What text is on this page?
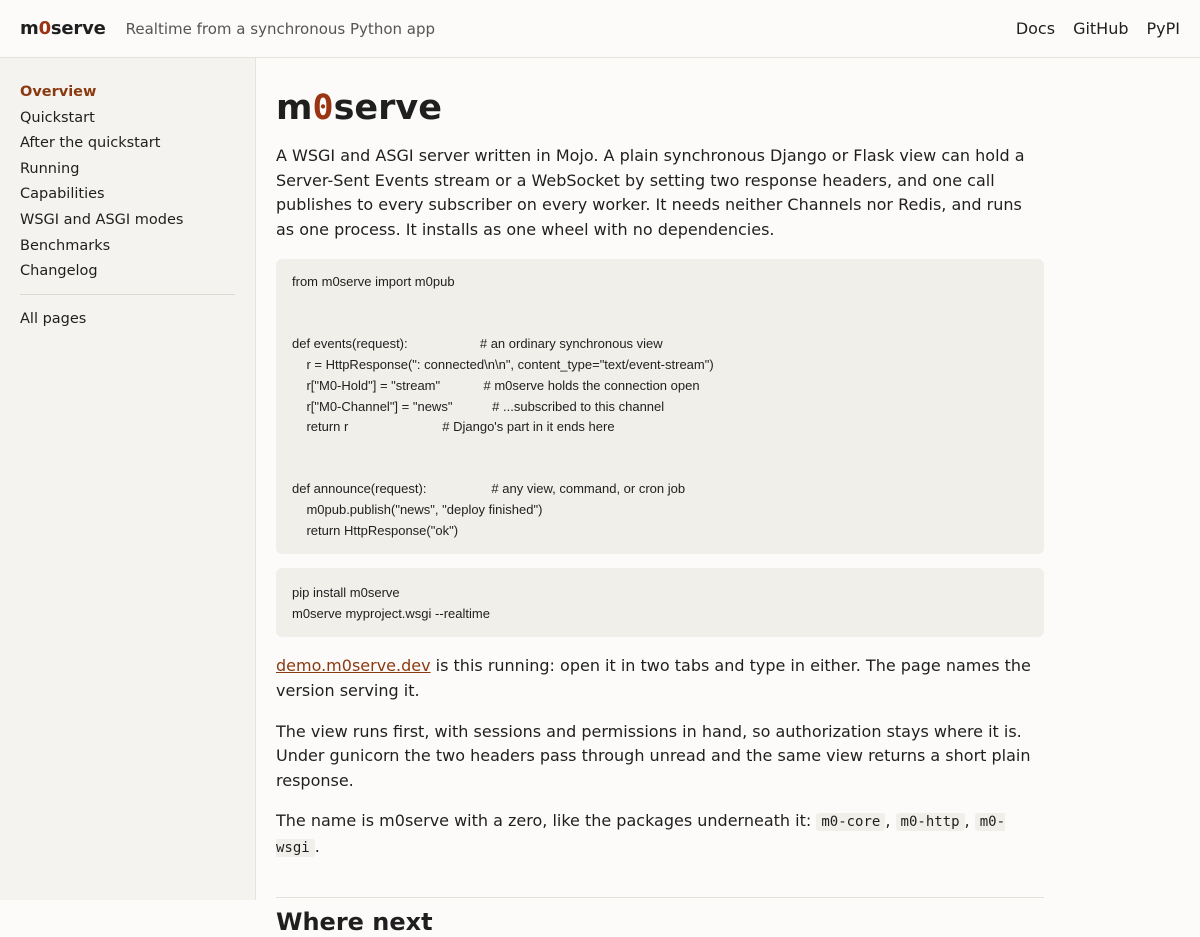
m0serve Realtime from a synchronous Python app	Docs GitHub PyPI
Overview
Quickstart
After the quickstart
Running
Capabilities
WSGI and ASGI modes
Benchmarks
Changelog
All pages
m0serve

A WSGI and ASGI server written in Mojo. A plain synchronous Django or Flask view can hold a Server-Sent Events stream or a WebSocket by setting two response headers, and one call publishes to every subscriber on every worker. It needs neither Channels nor Redis, and runs as one process. It installs as one wheel with no dependencies.

from m0serve import m0pub

def events(request):                    # an ordinary synchronous view
r = HttpResponse(": connected\n\n", content_type="text/event-stream")
r["M0-Hold"] = "stream"            # m0serve holds the connection open
r["M0-Channel"] = "news"           # ...subscribed to this channel
return r                          # Django's part in it ends here

def announce(request):                  # any view, command, or cron job
m0pub.publish("news", "deploy finished")
return HttpResponse("ok")
pip install m0serve
m0serve myproject.wsgi --realtime

demo.m0serve.dev is this running: open it in two tabs and type in either. The page names the version serving it.

The view runs first, with sessions and permissions in hand, so authorization stays where it is. Under gunicorn the two headers pass through unread and the same view returns a short plain response.

The name is m0serve with a zero, like the packages underneath it: m0-core , m0-http , m0-wsgi .

Where next
